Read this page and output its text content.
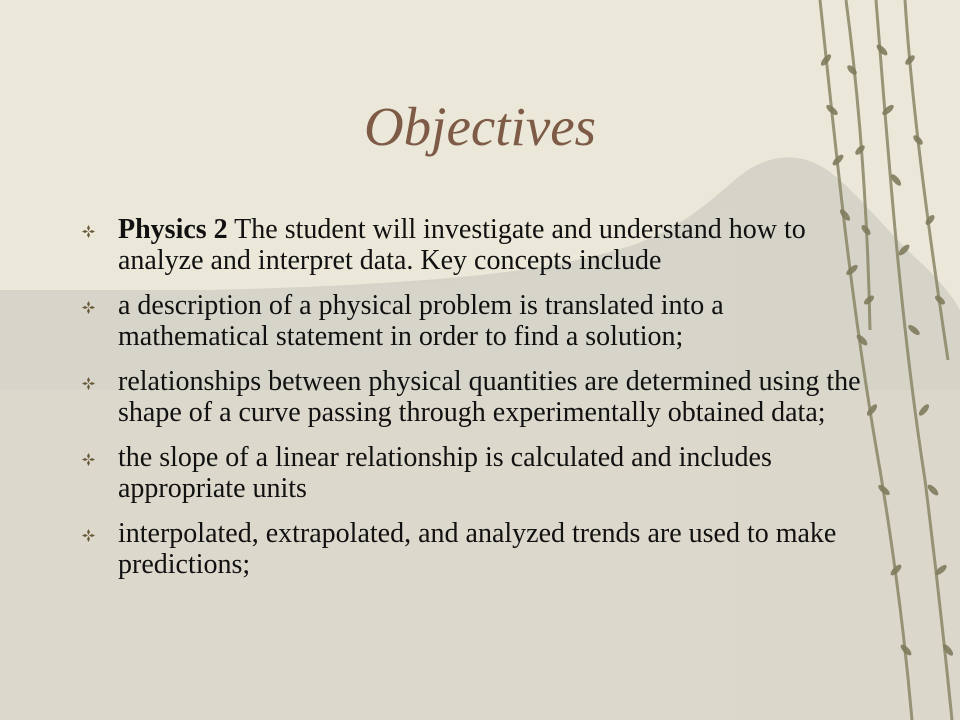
Objectives
Physics 2 The student will investigate and understand how to analyze and interpret data. Key concepts include
a description of a physical problem is translated into a mathematical statement in order to find a solution;
relationships between physical quantities are determined using the shape of a curve passing through experimentally obtained data;
the slope of a linear relationship is calculated and includes appropriate units
interpolated, extrapolated, and analyzed trends are used to make predictions;
